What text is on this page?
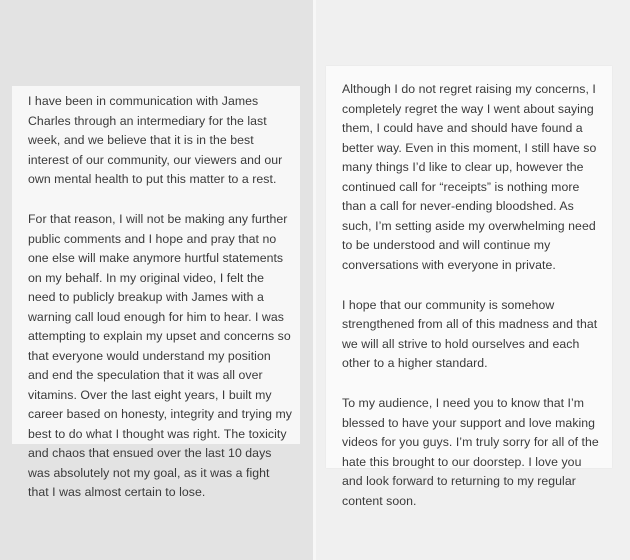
I have been in communication with James Charles through an intermediary for the last week, and we believe that it is in the best interest of our community, our viewers and our own mental health to put this matter to a rest.

For that reason, I will not be making any further public comments and I hope and pray that no one else will make anymore hurtful statements on my behalf. In my original video, I felt the need to publicly breakup with James with a warning call loud enough for him to hear. I was attempting to explain my upset and concerns so that everyone would understand my position and end the speculation that it was all over vitamins. Over the last eight years, I built my career based on honesty, integrity and trying my best to do what I thought was right. The toxicity and chaos that ensued over the last 10 days was absolutely not my goal, as it was a fight that I was almost certain to lose.

Although I do not regret raising my concerns, I completely regret the way I went about saying them, I could have and should have found a better way. Even in this moment, I still have so many things I’d like to clear up, however the continued call for “receipts” is nothing more than a call for never-ending bloodshed. As such, I’m setting aside my overwhelming need to be understood and will continue my conversations with everyone in private.

I hope that our community is somehow strengthened from all of this madness and that we will all strive to hold ourselves and each other to a higher standard.

To my audience, I need you to know that I’m blessed to have your support and love making videos for you guys. I’m truly sorry for all of the hate this brought to our doorstep. I love you and look forward to returning to my regular content soon.
